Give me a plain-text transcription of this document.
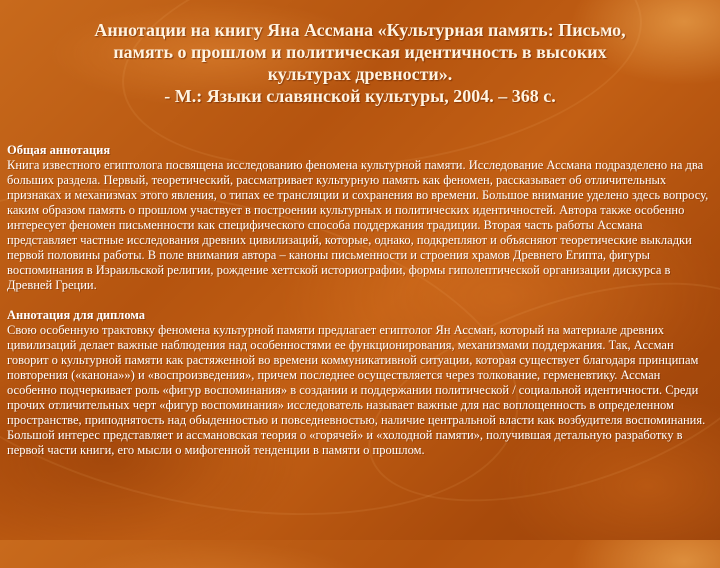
Аннотации на книгу Яна Ассмана «Культурная память: Письмо,
память о прошлом и политическая идентичность в высоких
культурах древности».
- М.: Языки славянской культуры, 2004. – 368 с.

Общая аннотация

Книга известного египтолога посвящена исследованию феномена культурной памяти. Исследование Ассмана подразделено на два больших раздела. Первый, теоретический, рассматривает культурную память как феномен, рассказывает об отличительных признаках и механизмах этого явления, о типах ее трансляции и сохранения во времени. Большое внимание уделено здесь вопросу, каким образом память о прошлом участвует в построении культурных и политических идентичностей. Автора также особенно интересует феномен письменности как специфического способа поддержания традиции. Вторая часть работы Ассмана представляет частные исследования древних цивилизаций, которые, однако, подкрепляют и объясняют теоретические выкладки первой половины работы. В поле внимания автора – каноны письменности и строения храмов Древнего Египта, фигуры воспоминания в Израильской религии, рождение хеттской историографии, формы гиполептической организации дискурса в Древней Греции.

Аннотация для диплома

Свою особенную трактовку феномена культурной памяти предлагает египтолог Ян Ассман, который на материале древних цивилизаций делает важные наблюдения над особенностями ее функционирования, механизмами поддержания. Так, Ассман говорит о культурной памяти как растяженной во времени коммуникативной ситуации, которая существует благодаря принципам повторения («канона»») и «воспроизведения», причем последнее осуществляется через толкование, герменевтику. Ассман особенно подчеркивает роль «фигур воспоминания» в создании и поддержании политической / социальной идентичности. Среди прочих отличительных черт «фигур воспоминания» исследователь называет важные для нас воплощенность в определенном пространстве, приподнятость над обыденностью и повседневностью, наличие центральной власти как возбудителя воспоминания. Большой интерес представляет и ассмановская теория о «горячей» и «холодной памяти», получившая детальную разработку в первой части книги, его мысли о мифогенной тенденции в памяти о прошлом.
